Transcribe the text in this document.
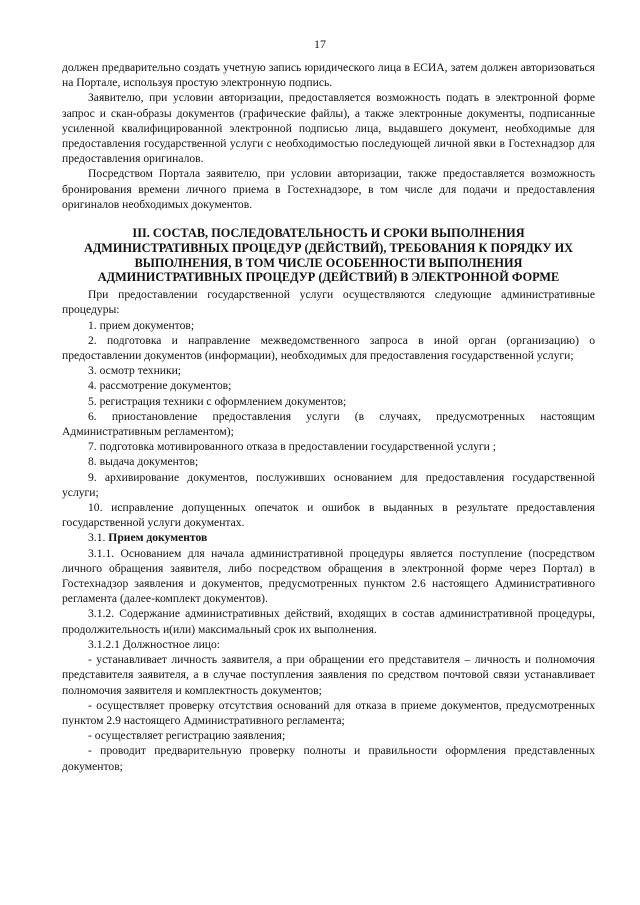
17

должен предварительно создать учетную запись юридического лица в ЕСИА, затем должен авторизоваться на Портале, используя простую электронную подпись.

Заявителю, при условии авторизации, предоставляется возможность подать в электронной форме запрос и скан-образы документов (графические файлы), а также электронные документы, подписанные усиленной квалифицированной электронной подписью лица, выдавшего документ, необходимые для предоставления государственной услуги с необходимостью последующей личной явки в Гостехнадзор для предоставления оригиналов.

Посредством Портала заявителю, при условии авторизации, также предоставляется возможность бронирования времени личного приема в Гостехнадзоре, в том числе для подачи и предоставления оригиналов необходимых документов.

III. СОСТАВ, ПОСЛЕДОВАТЕЛЬНОСТЬ И СРОКИ ВЫПОЛНЕНИЯ АДМИНИСТРАТИВНЫХ ПРОЦЕДУР (ДЕЙСТВИЙ), ТРЕБОВАНИЯ К ПОРЯДКУ ИХ ВЫПОЛНЕНИЯ, В ТОМ ЧИСЛЕ ОСОБЕННОСТИ ВЫПОЛНЕНИЯ АДМИНИСТРАТИВНЫХ ПРОЦЕДУР (ДЕЙСТВИЙ) В ЭЛЕКТРОННОЙ ФОРМЕ

При предоставлении государственной услуги осуществляются следующие административные процедуры:

1. прием документов;

2. подготовка и направление межведомственного запроса в иной орган (организацию) о предоставлении документов (информации), необходимых для предоставления государственной услуги;

3. осмотр техники;

4. рассмотрение документов;

5. регистрация техники с оформлением документов;

6. приостановление предоставления услуги (в случаях, предусмотренных настоящим Административным регламентом);

7. подготовка мотивированного отказа в предоставлении государственной услуги ;

8. выдача документов;

9. архивирование документов, послуживших основанием для предоставления государственной услуги;

10. исправление допущенных опечаток и ошибок в выданных в результате предоставления государственной услуги документах.

3.1. Прием документов

3.1.1. Основанием для начала административной процедуры является поступление (посредством личного обращения заявителя, либо посредством обращения в электронной форме через Портал) в Гостехнадзор заявления и документов, предусмотренных пунктом 2.6 настоящего Административного регламента (далее-комплект документов).

3.1.2. Содержание административных действий, входящих в состав административной процедуры, продолжительность и(или) максимальный срок их выполнения.

3.1.2.1 Должностное лицо:

- устанавливает личность заявителя, а при обращении его представителя – личность и полномочия представителя заявителя, а в случае поступления заявления по средством почтовой связи устанавливает полномочия заявителя и комплектность документов;

- осуществляет проверку отсутствия оснований для отказа в приеме документов, предусмотренных пунктом 2.9 настоящего Административного регламента;

- осуществляет регистрацию заявления;

- проводит предварительную проверку полноты и правильности оформления представленных документов;
